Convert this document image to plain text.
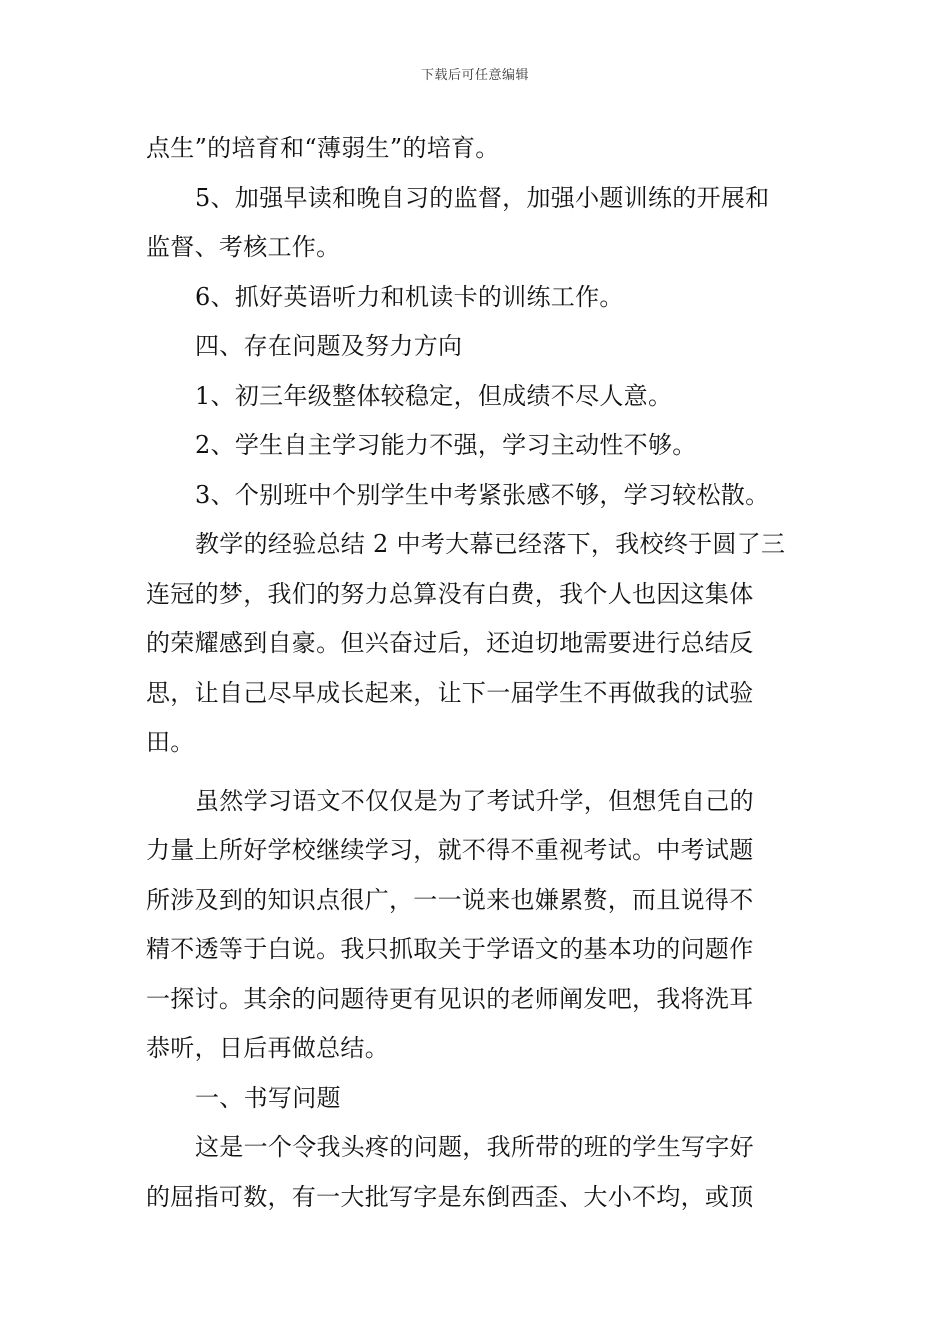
下载后可任意编辑
点生”的培育和“薄弱生”的培育。
5、加强早读和晚自习的监督，加强小题训练的开展和
监督、考核工作。
6、抓好英语听力和机读卡的训练工作。
四、存在问题及努力方向
1、初三年级整体较稳定，但成绩不尽人意。
2、学生自主学习能力不强，学习主动性不够。
3、个别班中个别学生中考紧张感不够，学习较松散。
教学的经验总结 2 中考大幕已经落下，我校终于圆了三
连冠的梦，我们的努力总算没有白费，我个人也因这集体
的荣耀感到自豪。但兴奋过后，还迫切地需要进行总结反
思，让自己尽早成长起来，让下一届学生不再做我的试验
田。
虽然学习语文不仅仅是为了考试升学，但想凭自己的
力量上所好学校继续学习，就不得不重视考试。中考试题
所涉及到的知识点很广，一一说来也嫌累赘，而且说得不
精不透等于白说。我只抓取关于学语文的基本功的问题作
一探讨。其余的问题待更有见识的老师阐发吧，我将洗耳
恭听，日后再做总结。
一、书写问题
这是一个令我头疼的问题，我所带的班的学生写字好
的屈指可数，有一大批写字是东倒西歪、大小不均，或顶
